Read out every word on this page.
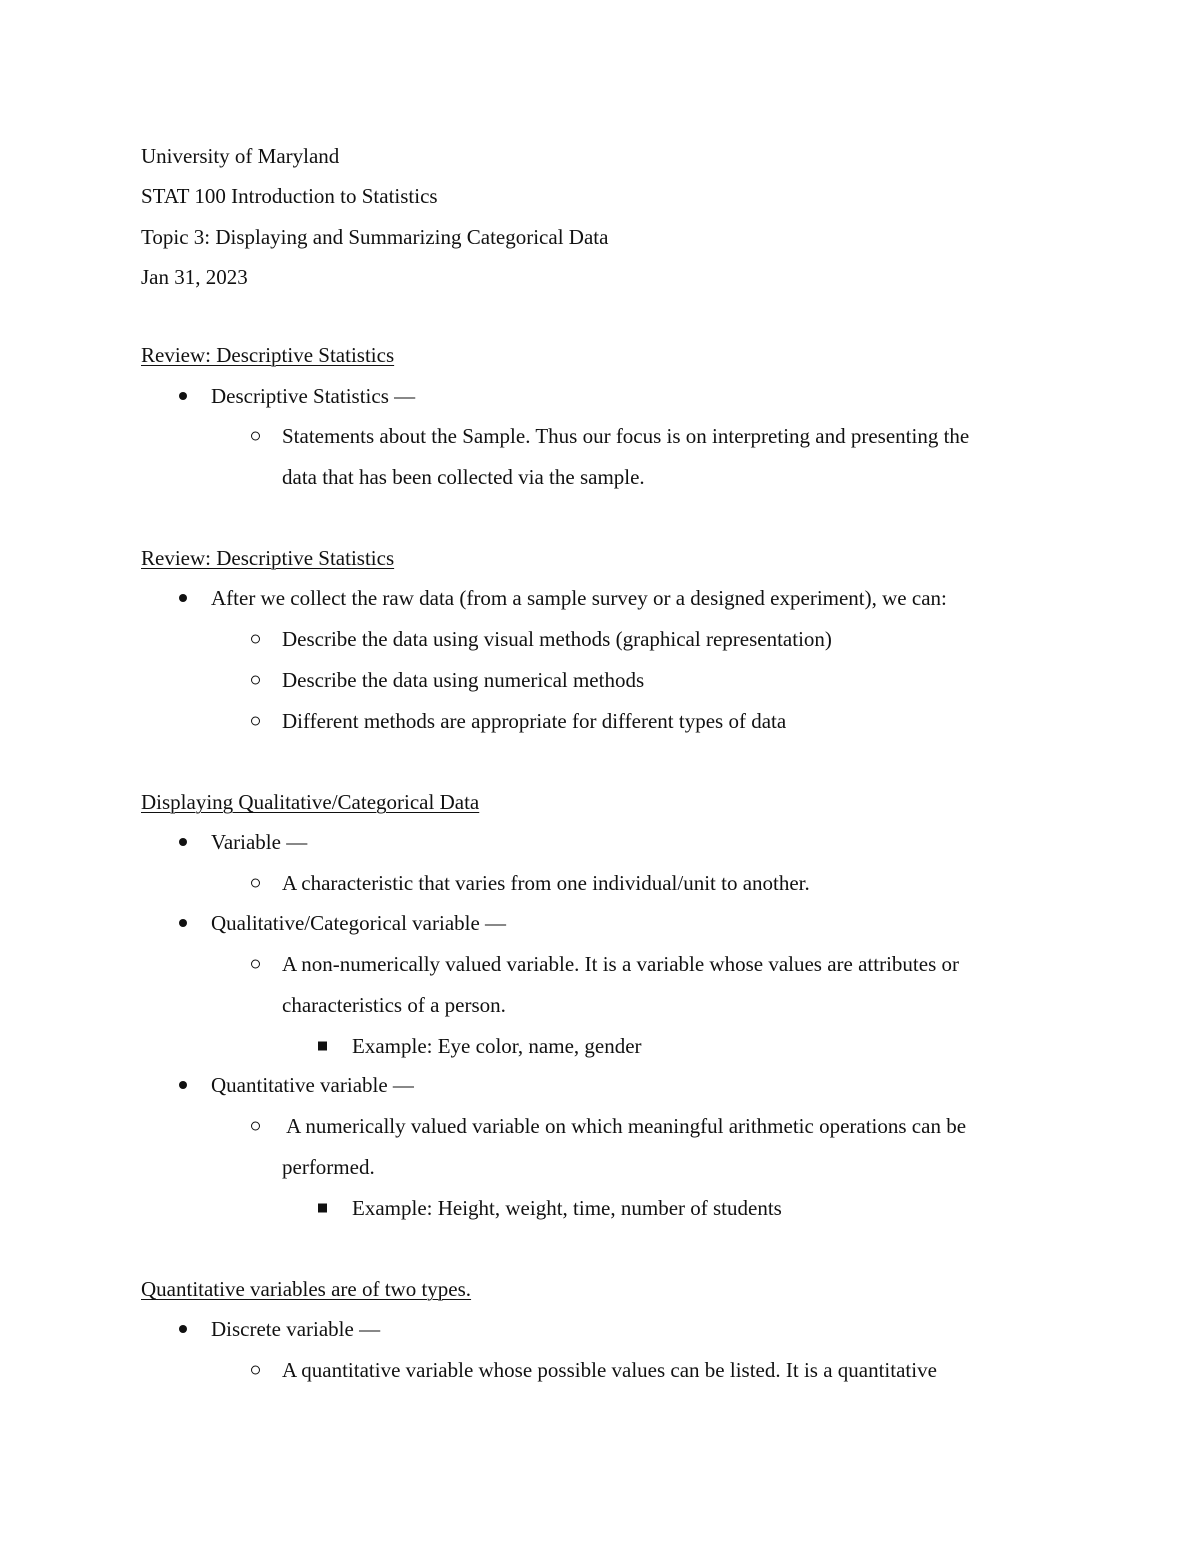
University of Maryland
STAT 100 Introduction to Statistics
Topic 3: Displaying and Summarizing Categorical Data
Jan 31, 2023
Review: Descriptive Statistics
Descriptive Statistics —
Statements about the Sample. Thus our focus is on interpreting and presenting the
data that has been collected via the sample.
Review: Descriptive Statistics
After we collect the raw data (from a sample survey or a designed experiment), we can:
Describe the data using visual methods (graphical representation)
Describe the data using numerical methods
Different methods are appropriate for different types of data
Displaying Qualitative/Categorical Data
Variable —
A characteristic that varies from one individual/unit to another.
Qualitative/Categorical variable —
A non-numerically valued variable. It is a variable whose values are attributes or
characteristics of a person.
Example: Eye color, name, gender
Quantitative variable —
A numerically valued variable on which meaningful arithmetic operations can be
performed.
Example: Height, weight, time, number of students
Quantitative variables are of two types.
Discrete variable —
A quantitative variable whose possible values can be listed. It is a quantitative
